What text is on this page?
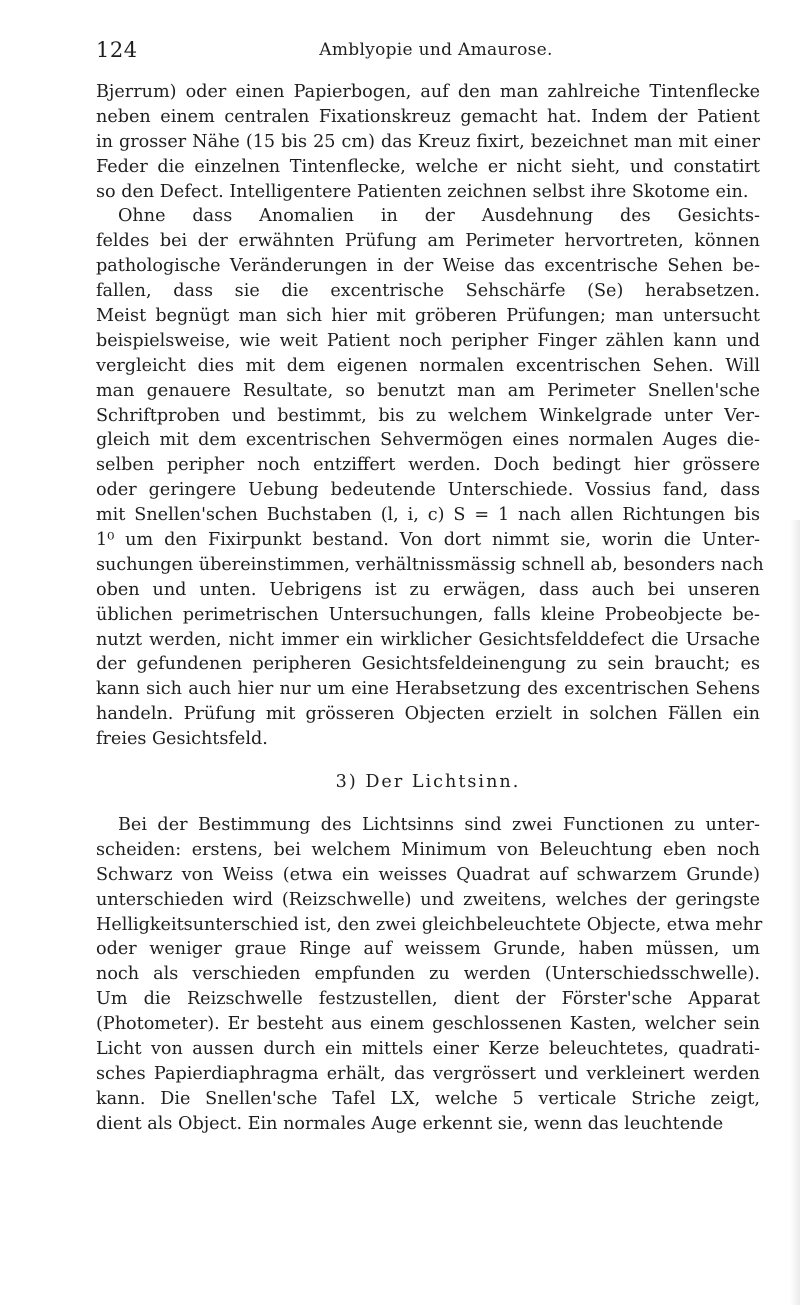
124	Amblyopie und Amaurose.
Bjerrum) oder einen Papierbogen, auf den man zahlreiche Tintenflecke
neben einem centralen Fixationskreuz gemacht hat. Indem der Patient
in grosser Nähe (15 bis 25 cm) das Kreuz fixirt, bezeichnet man mit einer
Feder die einzelnen Tintenflecke, welche er nicht sieht, und constatirt
so den Defect. Intelligentere Patienten zeichnen selbst ihre Skotome ein.
Ohne dass Anomalien in der Ausdehnung des Gesichts-
feldes bei der erwähnten Prüfung am Perimeter hervortreten, können
pathologische Veränderungen in der Weise das excentrische Sehen be-
fallen, dass sie die excentrische Sehschärfe (Se) herabsetzen.
Meist begnügt man sich hier mit gröberen Prüfungen; man untersucht
beispielsweise, wie weit Patient noch peripher Finger zählen kann und
vergleicht dies mit dem eigenen normalen excentrischen Sehen. Will
man genauere Resultate, so benutzt man am Perimeter Snellen'sche
Schriftproben und bestimmt, bis zu welchem Winkelgrade unter Ver-
gleich mit dem excentrischen Sehvermögen eines normalen Auges die-
selben peripher noch entziffert werden. Doch bedingt hier grössere
oder geringere Uebung bedeutende Unterschiede. Vossius fand, dass
mit Snellen'schen Buchstaben (l, i, c) S = 1 nach allen Richtungen bis
1⁰ um den Fixirpunkt bestand. Von dort nimmt sie, worin die Unter-
suchungen übereinstimmen, verhältnissmässig schnell ab, besonders nach
oben und unten. Uebrigens ist zu erwägen, dass auch bei unseren
üblichen perimetrischen Untersuchungen, falls kleine Probeobjecte be-
nutzt werden, nicht immer ein wirklicher Gesichtsfelddefect die Ursache
der gefundenen peripheren Gesichtsfeldeinengung zu sein braucht; es
kann sich auch hier nur um eine Herabsetzung des excentrischen Sehens
handeln. Prüfung mit grösseren Objecten erzielt in solchen Fällen ein
freies Gesichtsfeld.
3) Der Lichtsinn.
Bei der Bestimmung des Lichtsinns sind zwei Functionen zu unter-
scheiden: erstens, bei welchem Minimum von Beleuchtung eben noch
Schwarz von Weiss (etwa ein weisses Quadrat auf schwarzem Grunde)
unterschieden wird (Reizschwelle) und zweitens, welches der geringste
Helligkeitsunterschied ist, den zwei gleichbeleuchtete Objecte, etwa mehr
oder weniger graue Ringe auf weissem Grunde, haben müssen, um
noch als verschieden empfunden zu werden (Unterschiedsschwelle).
Um die Reizschwelle festzustellen, dient der Förster'sche Apparat
(Photometer). Er besteht aus einem geschlossenen Kasten, welcher sein
Licht von aussen durch ein mittels einer Kerze beleuchtetes, quadrati-
sches Papierdiaphragma erhält, das vergrössert und verkleinert werden
kann. Die Snellen'sche Tafel LX, welche 5 verticale Striche zeigt,
dient als Object. Ein normales Auge erkennt sie, wenn das leuchtende
